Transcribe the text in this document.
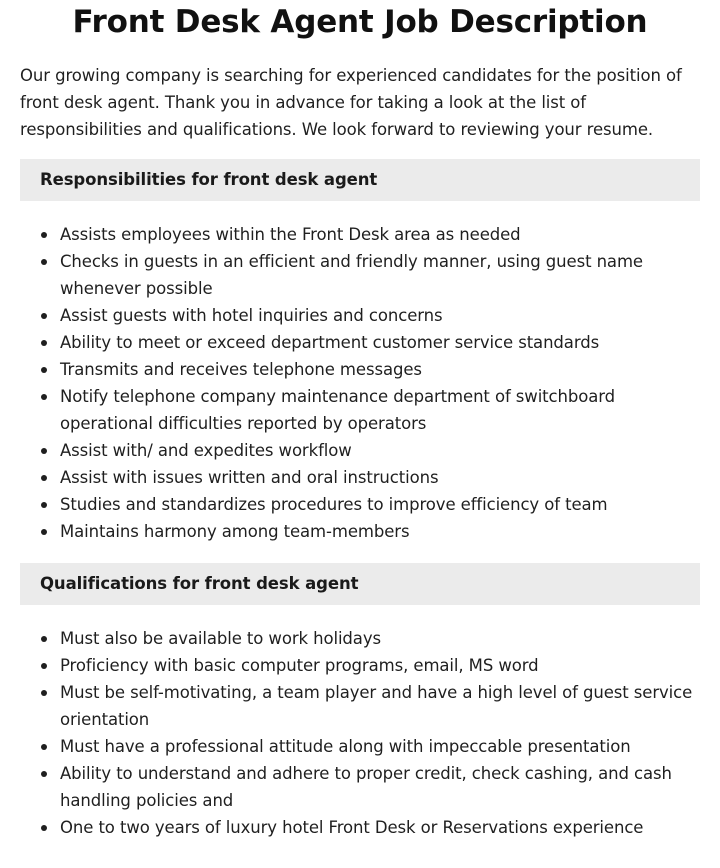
Front Desk Agent Job Description

Our growing company is searching for experienced candidates for the position of front desk agent. Thank you in advance for taking a look at the list of responsibilities and qualifications. We look forward to reviewing your resume.

Responsibilities for front desk agent
Assists employees within the Front Desk area as needed
Checks in guests in an efficient and friendly manner, using guest name whenever possible
Assist guests with hotel inquiries and concerns
Ability to meet or exceed department customer service standards
Transmits and receives telephone messages
Notify telephone company maintenance department of switchboard operational difficulties reported by operators
Assist with/ and expedites workflow
Assist with issues written and oral instructions
Studies and standardizes procedures to improve efficiency of team
Maintains harmony among team-members
Qualifications for front desk agent
Must also be available to work holidays
Proficiency with basic computer programs, email, MS word
Must be self-motivating, a team player and have a high level of guest service orientation
Must have a professional attitude along with impeccable presentation
Ability to understand and adhere to proper credit, check cashing, and cash handling policies and
One to two years of luxury hotel Front Desk or Reservations experience
